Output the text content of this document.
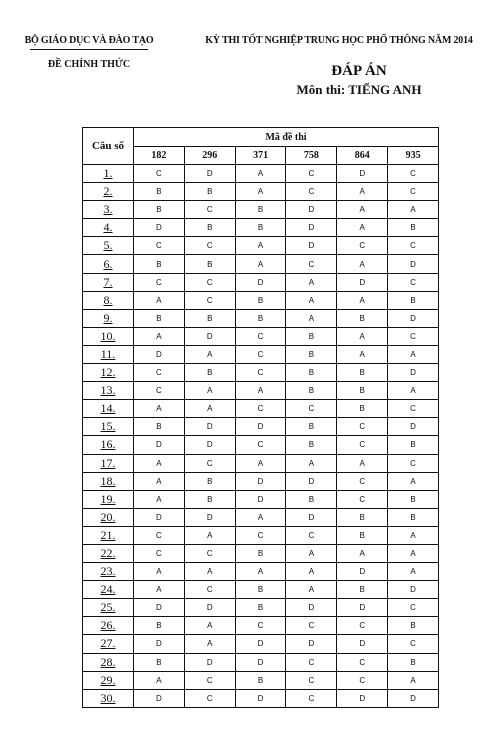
BỘ GIÁO DỤC VÀ ĐÀO TẠO
ĐỀ CHÍNH THỨC
KỲ THI TỐT NGHIỆP TRUNG HỌC PHỔ THÔNG NĂM 2014
ĐÁP ÁN
Môn thi: TIẾNG ANH
Câu số	Mã đề thi					
	182	296	371	758	864	935
1.	C	D	A	C	D	C
2.	B	B	A	C	A	C
3.	B	C	B	D	A	A
4.	D	B	B	D	A	B
5.	C	C	A	D	C	C
6.	B	B	A	C	A	D
7.	C	C	D	A	D	C
8.	A	C	B	A	A	B
9.	B	B	B	A	B	D
10.	A	D	C	B	A	C
11.	D	A	C	B	A	A
12.	C	B	C	B	B	D
13.	C	A	A	B	B	A
14.	A	A	C	C	B	C
15.	B	D	D	B	C	D
16.	D	D	C	B	C	B
17.	A	C	A	A	A	C
18.	A	B	D	D	C	A
19.	A	B	D	B	C	B
20.	D	D	A	D	B	B
21.	C	A	C	C	B	A
22.	C	C	B	A	A	A
23.	A	A	A	A	D	A
24.	A	C	B	A	B	D
25.	D	D	B	D	D	C
26.	B	A	C	C	C	B
27.	D	A	D	D	D	C
28.	B	D	D	C	C	B
29.	A	C	B	C	C	A
30.	D	C	D	C	D	D
